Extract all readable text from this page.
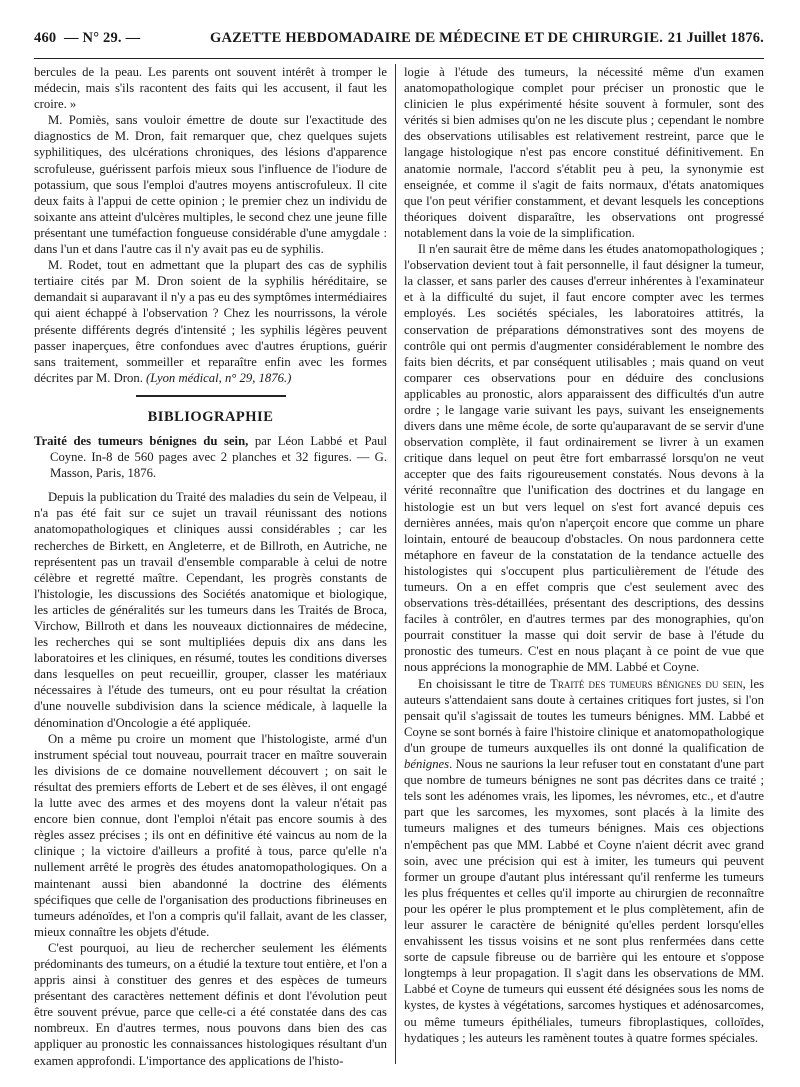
460 — N° 29. —	GAZETTE HEBDOMADAIRE DE MÉDECINE ET DE CHIRURGIE. 21 Juillet 1876.

bercules de la peau. Les parents ont souvent intérêt à tromper le médecin, mais s'ils racontent des faits qui les accusent, il faut les croire. »

M. Pomiès, sans vouloir émettre de doute sur l'exactitude des diagnostics de M. Dron, fait remarquer que, chez quelques sujets syphilitiques, des ulcérations chroniques, des lésions d'apparence scrofuleuse, guérissent parfois mieux sous l'influence de l'iodure de potassium, que sous l'emploi d'autres moyens antiscrofuleux. Il cite deux faits à l'appui de cette opinion ; le premier chez un individu de soixante ans atteint d'ulcères multiples, le second chez une jeune fille présentant une tuméfaction fongueuse considérable d'une amygdale : dans l'un et dans l'autre cas il n'y avait pas eu de syphilis.

M. Rodet, tout en admettant que la plupart des cas de syphilis tertiaire cités par M. Dron soient de la syphilis héréditaire, se demandait si auparavant il n'y a pas eu des symptômes intermédiaires qui aient échappé à l'observation ? Chez les nourrissons, la vérole présente différents degrés d'intensité ; les syphilis légères peuvent passer inaperçues, être confondues avec d'autres éruptions, guérir sans traitement, sommeiller et reparaître enfin avec les formes décrites par M. Dron. (Lyon médical, n° 29, 1876.)

BIBLIOGRAPHIE

Traité des tumeurs bénignes du sein, par Léon Labbé et Paul Coyne. In-8 de 560 pages avec 2 planches et 32 figures. — G. Masson, Paris, 1876.

Depuis la publication du Traité des maladies du sein de Velpeau, il n'a pas été fait sur ce sujet un travail réunissant des notions anatomopathologiques et cliniques aussi considérables ; car les recherches de Birkett, en Angleterre, et de Billroth, en Autriche, ne représentent pas un travail d'ensemble comparable à celui de notre célèbre et regretté maître. Cependant, les progrès constants de l'histologie, les discussions des Sociétés anatomique et biologique, les articles de généralités sur les tumeurs dans les Traités de Broca, Virchow, Billroth et dans les nouveaux dictionnaires de médecine, les recherches qui se sont multipliées depuis dix ans dans les laboratoires et les cliniques, en résumé, toutes les conditions diverses dans lesquelles on peut recueillir, grouper, classer les matériaux nécessaires à l'étude des tumeurs, ont eu pour résultat la création d'une nouvelle subdivision dans la science médicale, à laquelle la dénomination d'Oncologie a été appliquée.

On a même pu croire un moment que l'histologiste, armé d'un instrument spécial tout nouveau, pourrait tracer en maître souverain les divisions de ce domaine nouvellement découvert ; on sait le résultat des premiers efforts de Lebert et de ses élèves, il ont engagé la lutte avec des armes et des moyens dont la valeur n'était pas encore bien connue, dont l'emploi n'était pas encore soumis à des règles assez précises ; ils ont en définitive été vaincus au nom de la clinique ; la victoire d'ailleurs a profité à tous, parce qu'elle n'a nullement arrêté le progrès des études anatomopathologiques. On a maintenant aussi bien abandonné la doctrine des éléments spécifiques que celle de l'organisation des productions fibrineuses en tumeurs adénoïdes, et l'on a compris qu'il fallait, avant de les classer, mieux connaître les objets d'étude.

C'est pourquoi, au lieu de rechercher seulement les éléments prédominants des tumeurs, on a étudié la texture tout entière, et l'on a appris ainsi à constituer des genres et des espèces de tumeurs présentant des caractères nettement définis et dont l'évolution peut être souvent prévue, parce que celle-ci a été constatée dans des cas nombreux. En d'autres termes, nous pouvons dans bien des cas appliquer au pronostic les connaissances histologiques résultant d'un examen approfondi. L'importance des applications de l'histo-

logie à l'étude des tumeurs, la nécessité même d'un examen anatomopathologique complet pour préciser un pronostic que le clinicien le plus expérimenté hésite souvent à formuler, sont des vérités si bien admises qu'on ne les discute plus ; cependant le nombre des observations utilisables est relativement restreint, parce que le langage histologique n'est pas encore constitué définitivement. En anatomie normale, l'accord s'établit peu à peu, la synonymie est enseignée, et comme il s'agit de faits normaux, d'états anatomiques que l'on peut vérifier constamment, et devant lesquels les conceptions théoriques doivent disparaître, les observations ont progressé notablement dans la voie de la simplification.

Il n'en saurait être de même dans les études anatomopathologiques ; l'observation devient tout à fait personnelle, il faut désigner la tumeur, la classer, et sans parler des causes d'erreur inhérentes à l'examinateur et à la difficulté du sujet, il faut encore compter avec les termes employés. Les sociétés spéciales, les laboratoires attitrés, la conservation de préparations démonstratives sont des moyens de contrôle qui ont permis d'augmenter considérablement le nombre des faits bien décrits, et par conséquent utilisables ; mais quand on veut comparer ces observations pour en déduire des conclusions applicables au pronostic, alors apparaissent des difficultés d'un autre ordre ; le langage varie suivant les pays, suivant les enseignements divers dans une même école, de sorte qu'auparavant de se servir d'une observation complète, il faut ordinairement se livrer à un examen critique dans lequel on peut être fort embarrassé lorsqu'on ne veut accepter que des faits rigoureusement constatés. Nous devons à la vérité reconnaître que l'unification des doctrines et du langage en histologie est un but vers lequel on s'est fort avancé depuis ces dernières années, mais qu'on n'aperçoit encore que comme un phare lointain, entouré de beaucoup d'obstacles. On nous pardonnera cette métaphore en faveur de la constatation de la tendance actuelle des histologistes qui s'occupent plus particulièrement de l'étude des tumeurs. On a en effet compris que c'est seulement avec des observations très-détaillées, présentant des descriptions, des dessins faciles à contrôler, en d'autres termes par des monographies, qu'on pourrait constituer la masse qui doit servir de base à l'étude du pronostic des tumeurs. C'est en nous plaçant à ce point de vue que nous apprécions la monographie de MM. Labbé et Coyne.

En choisissant le titre de Traité des tumeurs bénignes du sein, les auteurs s'attendaient sans doute à certaines critiques fort justes, si l'on pensait qu'il s'agissait de toutes les tumeurs bénignes. MM. Labbé et Coyne se sont bornés à faire l'histoire clinique et anatomopathologique d'un groupe de tumeurs auxquelles ils ont donné la qualification de bénignes. Nous ne saurions la leur refuser tout en constatant d'une part que nombre de tumeurs bénignes ne sont pas décrites dans ce traité ; tels sont les adénomes vrais, les lipomes, les névromes, etc., et d'autre part que les sarcomes, les myxomes, sont placés à la limite des tumeurs malignes et des tumeurs bénignes. Mais ces objections n'empêchent pas que MM. Labbé et Coyne n'aient décrit avec grand soin, avec une précision qui est à imiter, les tumeurs qui peuvent former un groupe d'autant plus intéressant qu'il renferme les tumeurs les plus fréquentes et celles qu'il importe au chirurgien de reconnaître pour les opérer le plus promptement et le plus complètement, afin de leur assurer le caractère de bénignité qu'elles perdent lorsqu'elles envahissent les tissus voisins et ne sont plus renfermées dans cette sorte de capsule fibreuse ou de barrière qui les entoure et s'oppose longtemps à leur propagation. Il s'agit dans les observations de MM. Labbé et Coyne de tumeurs qui eussent été désignées sous les noms de kystes, de kystes à végétations, sarcomes hystiques et adénosarcomes, ou même tumeurs épithéliales, tumeurs fibroplastiques, colloïdes, hydatiques ; les auteurs les ramènent toutes à quatre formes spéciales.
